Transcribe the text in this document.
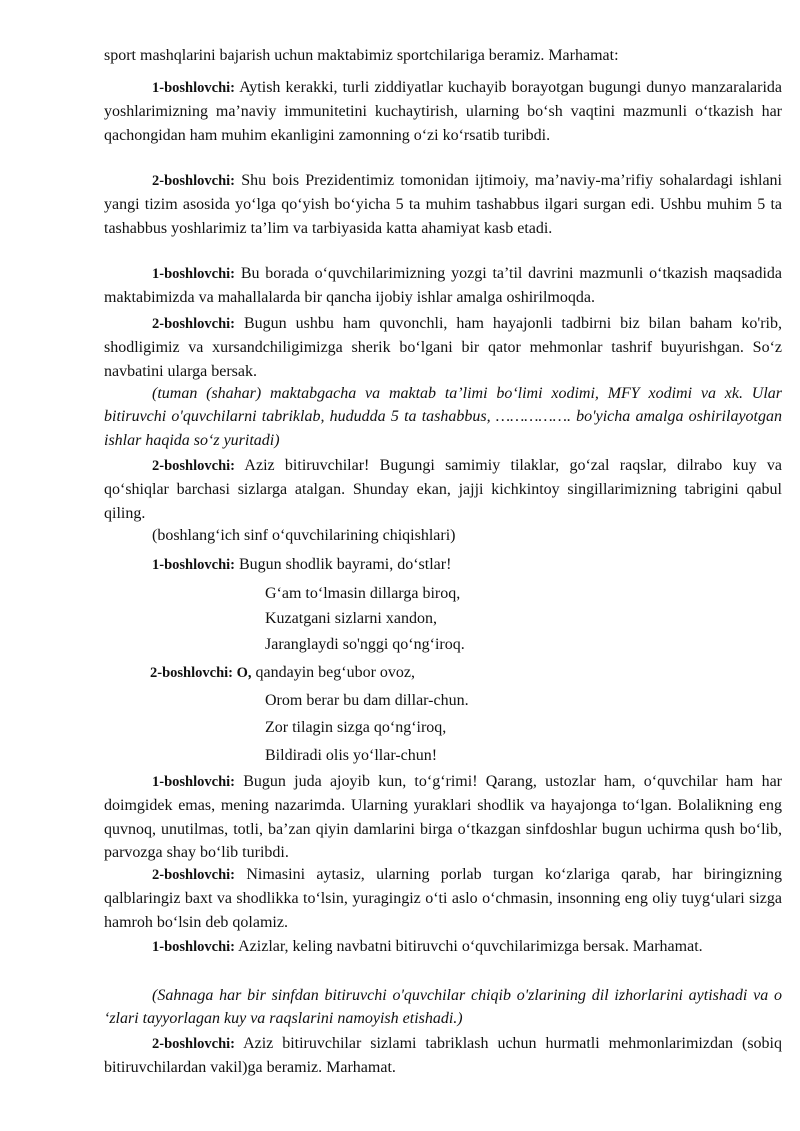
sport mashqlarini bajarish uchun maktabimiz sportchilariga beramiz. Marhamat:

1-boshlovchi: Aytish kerakki, turli ziddiyatlar kuchayib borayotgan bugungi dunyo manzaralarida yoshlarimizning ma’naviy immunitetini kuchaytirish, ularning bo‘sh vaqtini mazmunli o‘tkazish har qachongidan ham muhim ekanligini zamonning o‘zi ko‘rsatib turibdi.

2-boshlovchi: Shu bois Prezidentimiz tomonidan ijtimoiy, ma’naviy-ma’rifiy sohalardagi ishlani yangi tizim asosida yo‘lga qo‘yish bo‘yicha 5 ta muhim tashabbus ilgari surgan edi. Ushbu muhim 5 ta tashabbus yoshlarimiz ta’lim va tarbiyasida katta ahamiyat kasb etadi.

1-boshlovchi: Bu borada o‘quvchilarimizning yozgi ta’til davrini mazmunli o‘tkazish maqsadida maktabimizda va mahallalarda bir qancha ijobiy ishlar amalga oshirilmoqda.

2-boshlovchi: Bugun ushbu ham quvonchli, ham hayajonli tadbirni biz bilan baham ko'rib, shodligimiz va xursandchiligimizga sherik bo‘lgani bir qator mehmonlar tashrif buyurishgan. So‘z navbatini ularga bersak.

(tuman (shahar) maktabgacha va maktab ta’limi bo‘limi xodimi, MFY xodimi va xk. Ular bitiruvchi o'quvchilarni tabriklab, hududda 5 ta tashabbus, ……………. bo'yicha amalga oshirilayotgan ishlar haqida so‘z yuritadi)

2-boshlovchi: Aziz bitiruvchilar! Bugungi samimiy tilaklar, go‘zal raqslar, dilrabo kuy va qo‘shiqlar barchasi sizlarga atalgan. Shunday ekan, jajji kichkintoy singillarimizning tabrigini qabul qiling.

(boshlang‘ich sinf o‘quvchilarining chiqishlari)

1-boshlovchi: Bugun shodlik bayrami, do‘stlar!

G‘am to‘lmasin dillarga biroq,

Kuzatgani sizlarni xandon,

Jaranglaydi so'nggi qo‘ng‘iroq.

2-boshlovchi: O, qandayin beg‘ubor ovoz,

Orom berar bu dam dillar-chun.

Zor tilagin sizga qo‘ng‘iroq,

Bildiradi olis yo‘llar-chun!

1-boshlovchi: Bugun juda ajoyib kun, to‘g‘rimi! Qarang, ustozlar ham, o‘quvchilar ham har doimgidek emas, mening nazarimda. Ularning yuraklari shodlik va hayajonga to‘lgan. Bolalikning eng quvnoq, unutilmas, totli, ba’zan qiyin damlarini birga o‘tkazgan sinfdoshlar bugun uchirma qush bo‘lib, parvozga shay bo‘lib turibdi.

2-boshlovchi: Nimasini aytasiz, ularning porlab turgan ko‘zlariga qarab, har biringizning qalblaringiz baxt va shodlikka to‘lsin, yuragingiz o‘ti aslo o‘chmasin, insonning eng oliy tuyg‘ulari sizga hamroh bo‘lsin deb qolamiz.

1-boshlovchi: Azizlar, keling navbatni bitiruvchi o‘quvchilarimizga bersak. Marhamat.

(Sahnaga har bir sinfdan bitiruvchi o'quvchilar chiqib o'zlarining dil izhorlarini aytishadi va o ‘zlari tayyorlagan kuy va raqslarini namoyish etishadi.)

2-boshlovchi: Aziz bitiruvchilar sizlami tabriklash uchun hurmatli mehmonlarimizdan (sobiq bitiruvchilardan vakil)ga beramiz. Marhamat.
